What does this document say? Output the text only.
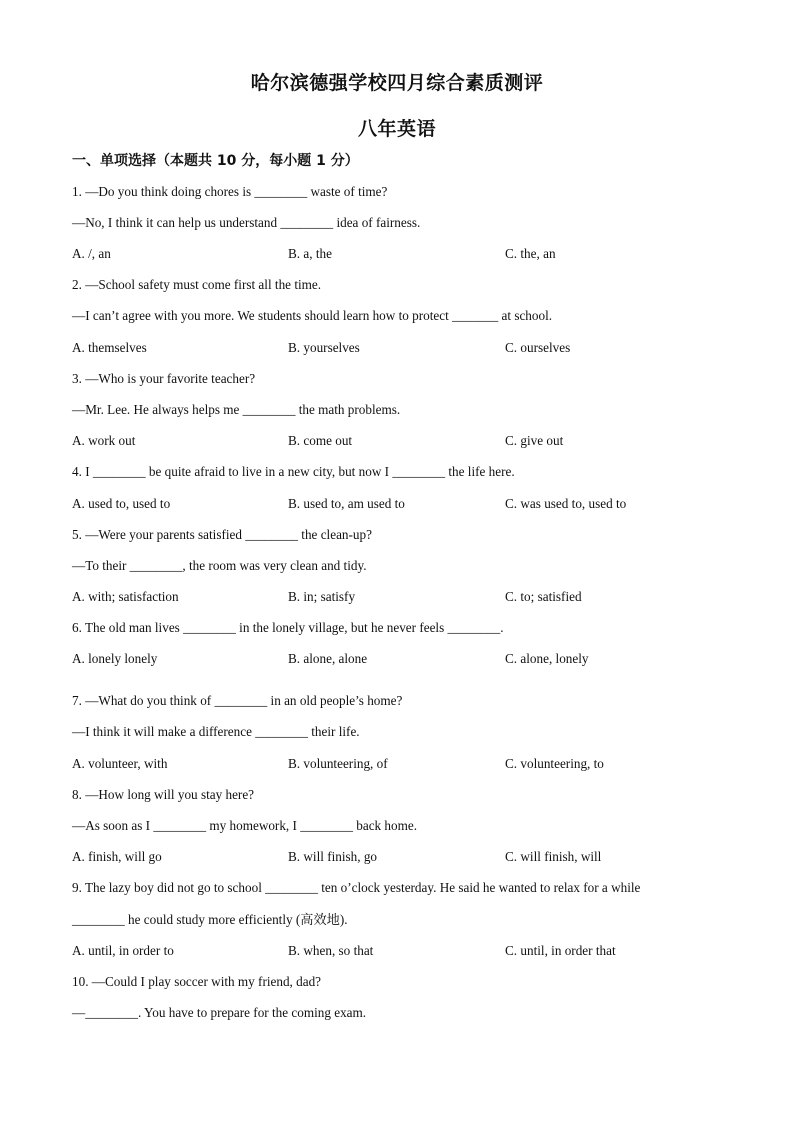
哈尔滨德强学校四月综合素质测评
八年英语
一、单项选择（本题共 10 分，每小题 1 分）
1. —Do you think doing chores is ________ waste of time?
—No, I think it can help us understand ________ idea of fairness.
A. /, an	B. a, the	C. the, an
2. —School safety must come first all the time.
—I can’t agree with you more. We students should learn how to protect _______ at school.
A. themselves	B. yourselves	C. ourselves
3. —Who is your favorite teacher?
—Mr. Lee. He always helps me ________ the math problems.
A. work out	B. come out	C. give out
4. I ________ be quite afraid to live in a new city, but now I ________ the life here.
A. used to, used to	B. used to, am used to	C. was used to, used to
5. —Were your parents satisfied ________ the clean-up?
—To their ________, the room was very clean and tidy.
A. with; satisfaction	B. in; satisfy	C. to; satisfied
6. The old man lives ________ in the lonely village, but he never feels ________.
A. lonely lonely	B. alone, alone	C. alone, lonely
7. —What do you think of ________ in an old people’s home?
—I think it will make a difference ________ their life.
A. volunteer, with	B. volunteering, of	C. volunteering, to
8. —How long will you stay here?
—As soon as I ________ my homework, I ________ back home.
A. finish, will go	B. will finish, go	C. will finish, will
9. The lazy boy did not go to school ________ ten o’clock yesterday. He said he wanted to relax for a while
________ he could study more efficiently (高效地).
A. until, in order to	B. when, so that	C. until, in order that
10. —Could I play soccer with my friend, dad?
—________. You have to prepare for the coming exam.
